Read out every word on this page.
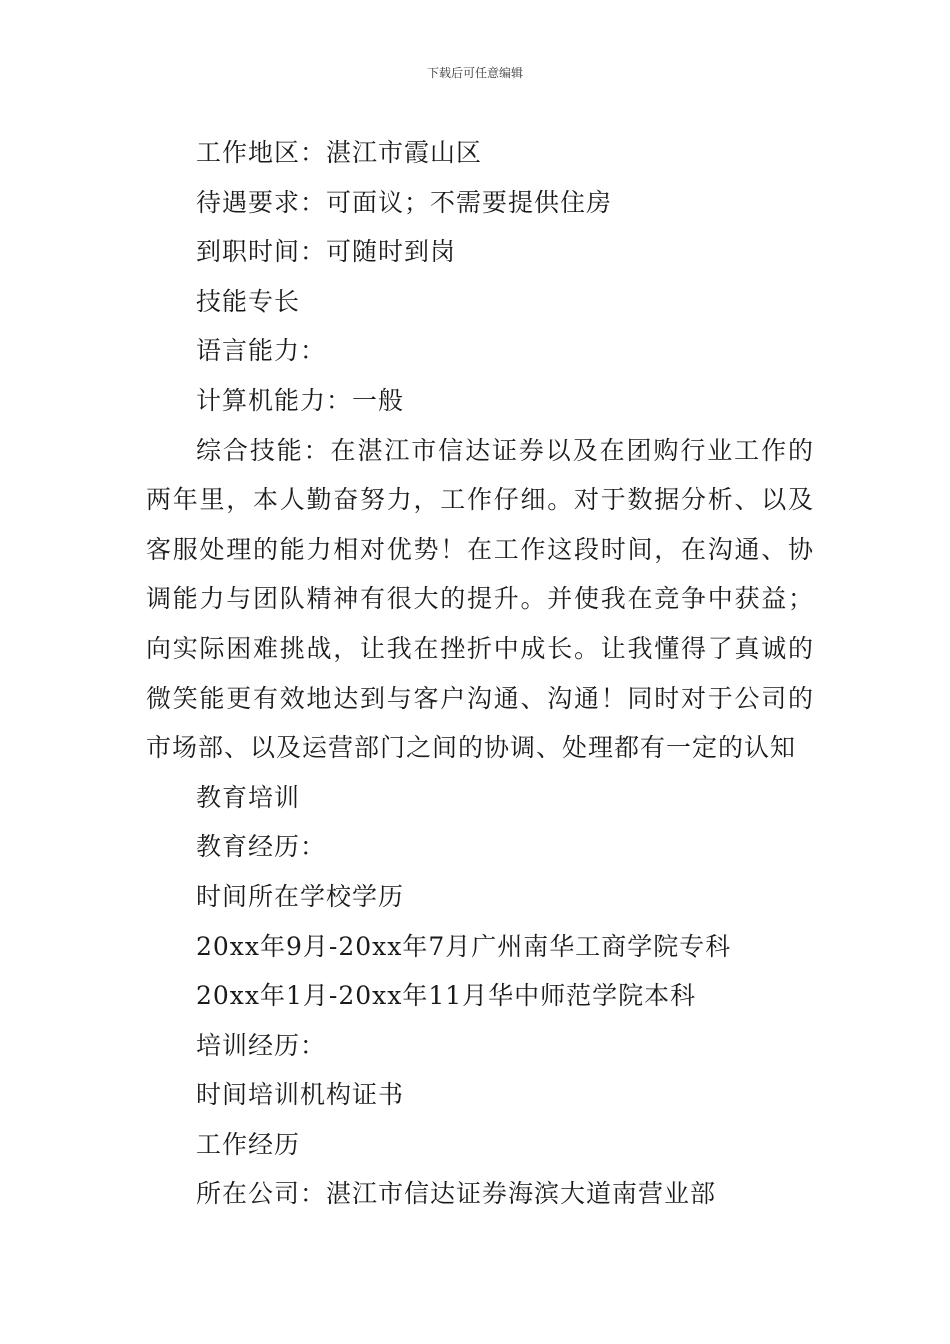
下载后可任意编辑
工作地区：湛江市霞山区
待遇要求：可面议；不需要提供住房
到职时间：可随时到岗
技能专长
语言能力：
计算机能力：一般

综合技能：在湛江市信达证券以及在团购行业工作的两年里，本人勤奋努力，工作仔细。对于数据分析、以及客服处理的能力相对优势！在工作这段时间，在沟通、协调能力与团队精神有很大的提升。并使我在竞争中获益；向实际困难挑战，让我在挫折中成长。让我懂得了真诚的微笑能更有效地达到与客户沟通、沟通！同时对于公司的市场部、以及运营部门之间的协调、处理都有一定的认知

教育培训
教育经历：
时间所在学校学历
20xx年9月-20xx年7月广州南华工商学院专科
20xx年1月-20xx年11月华中师范学院本科
培训经历：
时间培训机构证书
工作经历
所在公司：湛江市信达证券海滨大道南营业部
